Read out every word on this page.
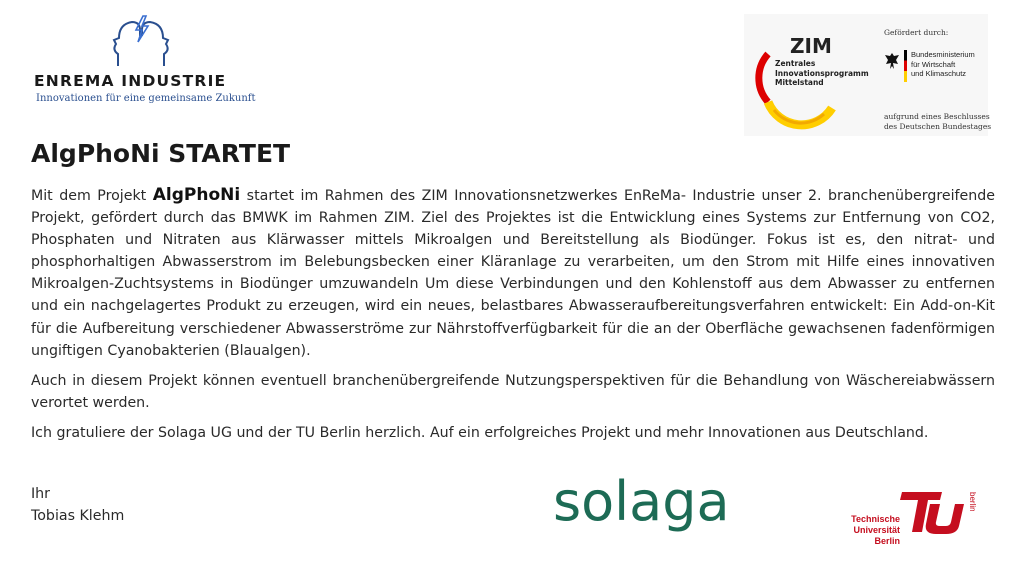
ENREMA INDUSTRIE
Innovationen für eine gemeinsame Zukunft
ZIM
Zentrales
Innovationsprogramm
Mittelstand
Gefördert durch:
Bundesministerium
für Wirtschaft
und Klimaschutz
aufgrund eines Beschlusses
des Deutschen Bundestages
AlgPhoNi STARTET

Mit dem Projekt AlgPhoNi startet im Rahmen des ZIM Innovationsnetzwerkes EnReMa- Industrie unser 2. branchenübergreifende Projekt, gefördert durch das BMWK im Rahmen ZIM. Ziel des Projektes ist die Entwicklung eines Systems zur Entfernung von CO2, Phosphaten und Nitraten aus Klärwasser mittels Mikroalgen und Bereitstellung als Biodünger. Fokus ist es, den nitrat- und phosphorhaltigen Abwasserstrom im Belebungsbecken einer Kläranlage zu verarbeiten, um den Strom mit Hilfe eines innovativen Mikroalgen-Zuchtsystems in Biodünger umzuwandeln Um diese Verbindungen und den Kohlenstoff aus dem Abwasser zu entfernen und ein nachgelagertes Produkt zu erzeugen, wird ein neues, belastbares Abwasseraufbereitungsverfahren entwickelt: Ein Add-on-Kit für die Aufbereitung verschiedener Abwasserströme zur Nährstoffverfügbarkeit für die an der Oberfläche gewachsenen fadenförmigen ungiftigen Cyanobakterien (Blaualgen).

Auch in diesem Projekt können eventuell branchenübergreifende Nutzungsperspektiven für die Behandlung von Wäschereiabwässern verortet werden.

Ich gratuliere der Solaga UG und der TU Berlin herzlich. Auf ein erfolgreiches Projekt und mehr Innovationen aus Deutschland.

Ihr
Tobias Klehm	solaga	Technische
Universität
Berlin
berlin
